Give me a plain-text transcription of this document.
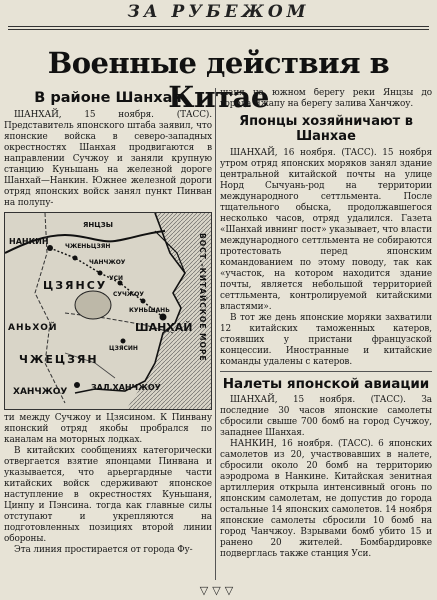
ЗА РУБЕЖОМ
Военные действия в Китае
В районе Шанхая

ШАНХАЙ, 15 ноября. (ТАСС). Представитель японского штаба заявил, что японские войска в северо-западных окрестностях Шанхая продвигаются в направлении Сучжоу и заняли крупную станцию Куньшань на железной дороге Шанхай—Нанкин. Южнее железной дороги отряд японских войск занял пункт Пинван на полупу-

НАНКИН
ЯНЦЗЫ
ЧЖЕНЬЦЗЯН
ЦЗЯНСУ
ЧАНЧЖОУ
УСИ
СУЧЖОУ
КУНЬШАНЬ
АНЬХОЙ	ШАНХАЙ
ЦЗЯСИН
ЧЖЕЦЗЯН
ХАНЧЖОУ	ЗАЛ.ХАНЧЖОУ
ВОСТ.-КИТАЙСКОЕ МОРЕ

ти между Сучжоу и Цзясином. К Пинвану японский отряд якобы пробрался по каналам на моторных лодках.

В китайских сообщениях категорически отвергается взятие японцами Пинвана и указывается, что арьергардные части китайских войск сдерживают японское наступление в окрестностях Куньшаня, Цинпу и Пэнсина. тогда как главные силы отступают и укрепляются на подготовленных позициях второй линии обороны.

Эта линия простирается от города Фу-

шаня на южном берегу реки Янцзы до города Чжапу на берегу залива Ханчжоу.

Японцы хозяйничают в Шанхае

ШАНХАЙ, 16 ноября. (ТАСС). 15 ноября утром отряд японских моряков занял здание центральной китайской почты на улице Норд Сычуань-род на территории международного сеттльмента. После тщательного обыска, продолжавшегося несколько часов, отряд удалился. Газета «Шанхай ивнинг пост» указывает, что власти международного сеттльмента не собираются протестовать перед японским командованием по этому поводу, так как «участок, на котором находится здание почты, является небольшой территорией сеттльмента, контролируемой китайскими властями».

В тот же день японские моряки захватили 12 китайских таможенных катеров, стоявших у пристани французской концессии. Иностранные и китайские команды удалены с катеров.

Налеты японской авиации

ШАНХАЙ, 15 ноября. (ТАСС). За последние 30 часов японские самолеты сбросили свыше 700 бомб на город Сучжоу, западнее Шанхая.

НАНКИН, 16 ноября. (ТАСС). 6 японских самолетов из 20, участвовавших в налете, сбросили около 20 бомб на территорию аэродрома в Нанкине. Китайская зенитная артиллерия открыла интенсивный огонь по японским самолетам, не допустив до города остальные 14 японских самолетов. 14 ноября японские самолеты сбросили 10 бомб на город Чанчжоу. Взрывами бомб убито 15 и ранено 20 жителей. Бомбардировке подверглась также станция Уси.

▽▽▽
